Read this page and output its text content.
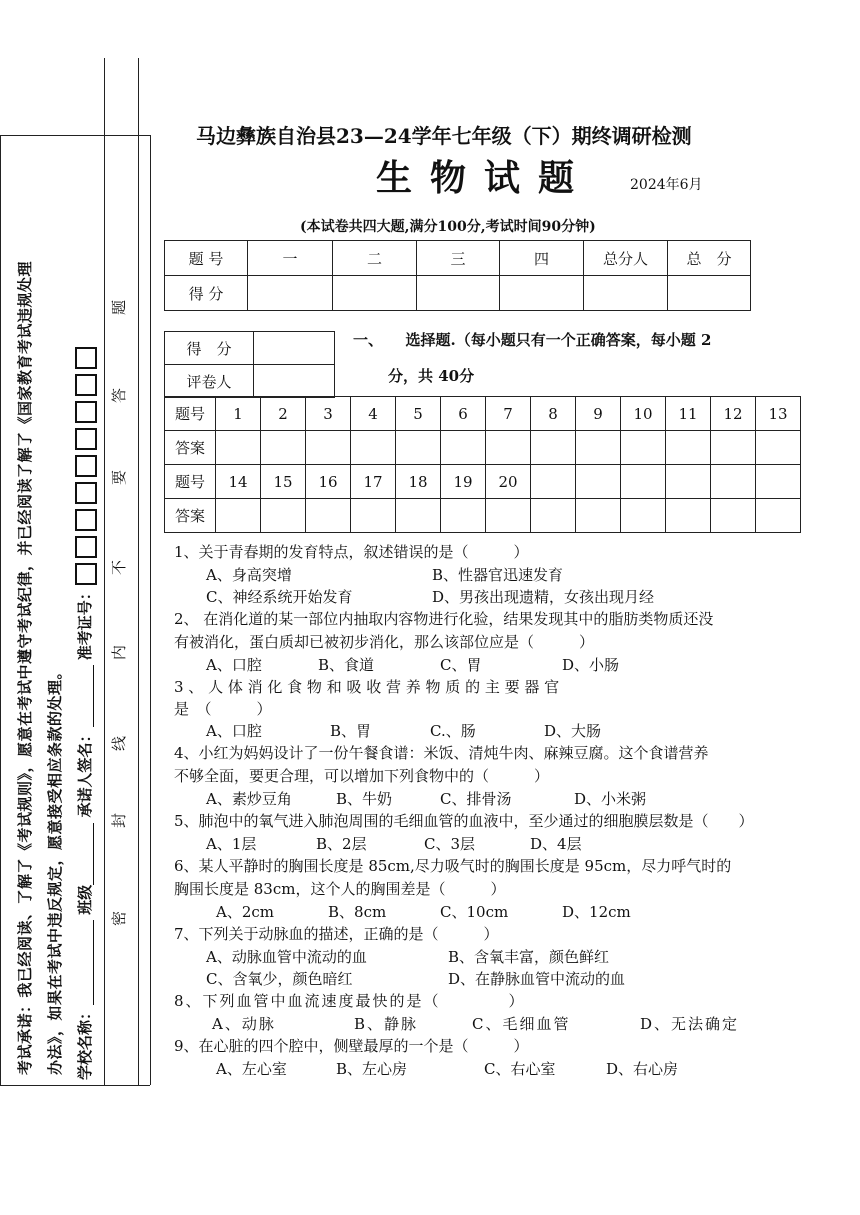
考试承诺：我已经阅读、了解了《考试规则》，愿意在考试中遵守考试纪律，并已经阅读了解了《国家教育考试违规处理 办法》，如果在考试中违反规定，愿意接受相应条款的处理。 学校名称： 班级 承诺人签名： 准考证号：
密
封
线
内
不
要
答
题
马边彝族自治县23—24学年七年级（下）期终调研检测
生物试题	2024年6月
(本试卷共四大题,满分100分,考试时间90分钟)
题 号	一	二	三	四	总分人	总　分
得 分						
得　分	
评卷人	
一、　　选择题.（每小题只有一个正确答案，每小题 2
分，共 40分
题号	1	2	3	4	5	6	7	8	9	10	11	12	13
答案													
题号	14	15	16	17	18	19	20						
答案													
1、关于青春期的发育特点，叙述错误的是（　　　）
A、身高突增	B、性器官迅速发育
C、神经系统开始发育	D、男孩出现遗精，女孩出现月经
2、 在消化道的某一部位内抽取内容物进行化验，结果发现其中的脂肪类物质还没
有被消化，蛋白质却已被初步消化，那么该部位应是（　　　）
A、口腔	B、食道	C、胃	D、小肠
3 、 人 体 消 化 食 物 和 吸 收 营 养 物 质 的 主 要 器 官
是　（　　　）
A、口腔	B、胃	C.、肠	D、大肠
4、小红为妈妈设计了一份午餐食谱：米饭、清炖牛肉、麻辣豆腐。这个食谱营养
不够全面，要更合理，可以增加下列食物中的（　　　）
A、素炒豆角	B、牛奶	C、排骨汤	D、小米粥
5、肺泡中的氧气进入肺泡周围的毛细血管的血液中，至少通过的细胞膜层数是（　　）
A、1层	B、2层	C、3层	D、4层
6、某人平静时的胸围长度是 85cm,尽力吸气时的胸围长度是 95cm，尽力呼气时的
胸围长度是 83cm，这个人的胸围差是（　　　）
A、2cm	B、8cm	C、10cm	D、12cm
7、下列关于动脉血的描述，正确的是（　　　）
A、动脉血管中流动的血	B、含氧丰富，颜色鲜红
C、含氧少，颜色暗红	D、在静脉血管中流动的血
8、下列血管中血流速度最快的是（　　　　）
A、动脉	B、静脉	C、毛细血管	D、无法确定
9、在心脏的四个腔中，侧壁最厚的一个是（　　　）
A、左心室	B、左心房	C、右心室	D、右心房
